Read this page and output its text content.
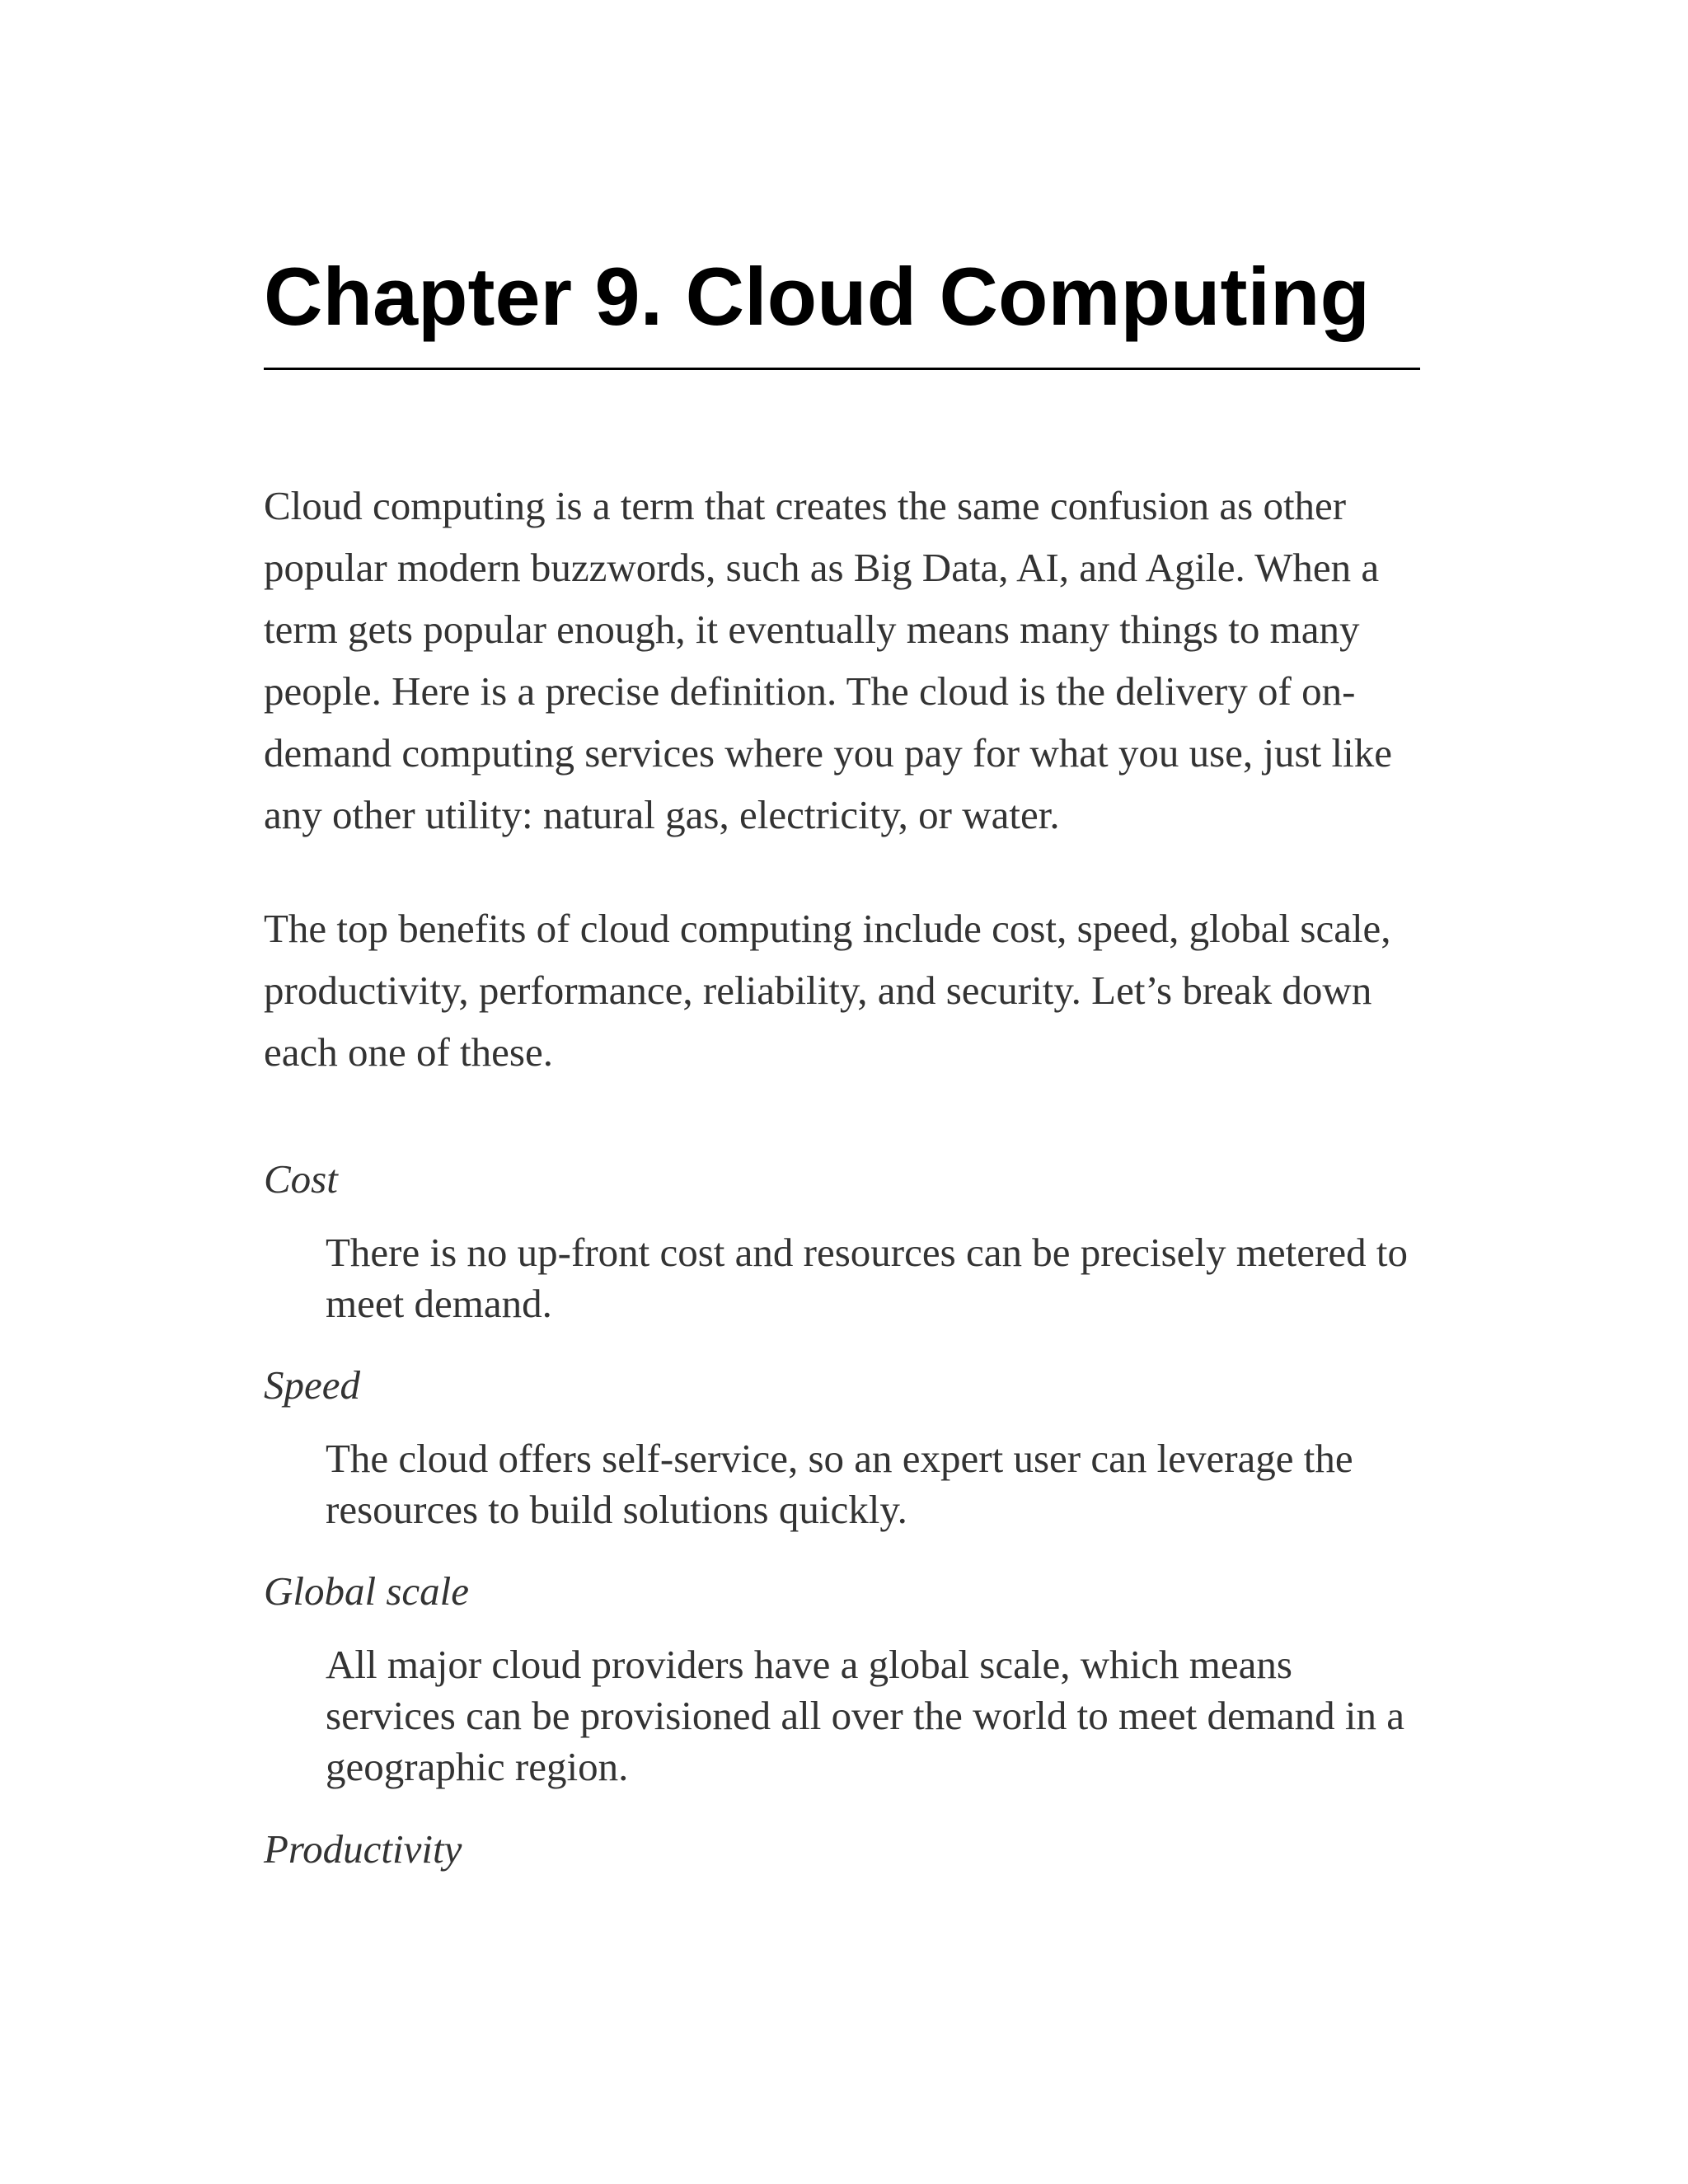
Chapter 9. Cloud Computing

Cloud computing is a term that creates the same confusion as other popular modern buzzwords, such as Big Data, AI, and Agile. When a term gets popular enough, it eventually means many things to many people. Here is a precise definition. The cloud is the delivery of on-demand computing services where you pay for what you use, just like any other utility: natural gas, electricity, or water.

The top benefits of cloud computing include cost, speed, global scale, productivity, performance, reliability, and security. Let’s break down each one of these.

Cost
There is no up-front cost and resources can be precisely metered to meet demand.
Speed
The cloud offers self-service, so an expert user can leverage the resources to build solutions quickly.
Global scale
All major cloud providers have a global scale, which means services can be provisioned all over the world to meet demand in a geographic region.
Productivity
